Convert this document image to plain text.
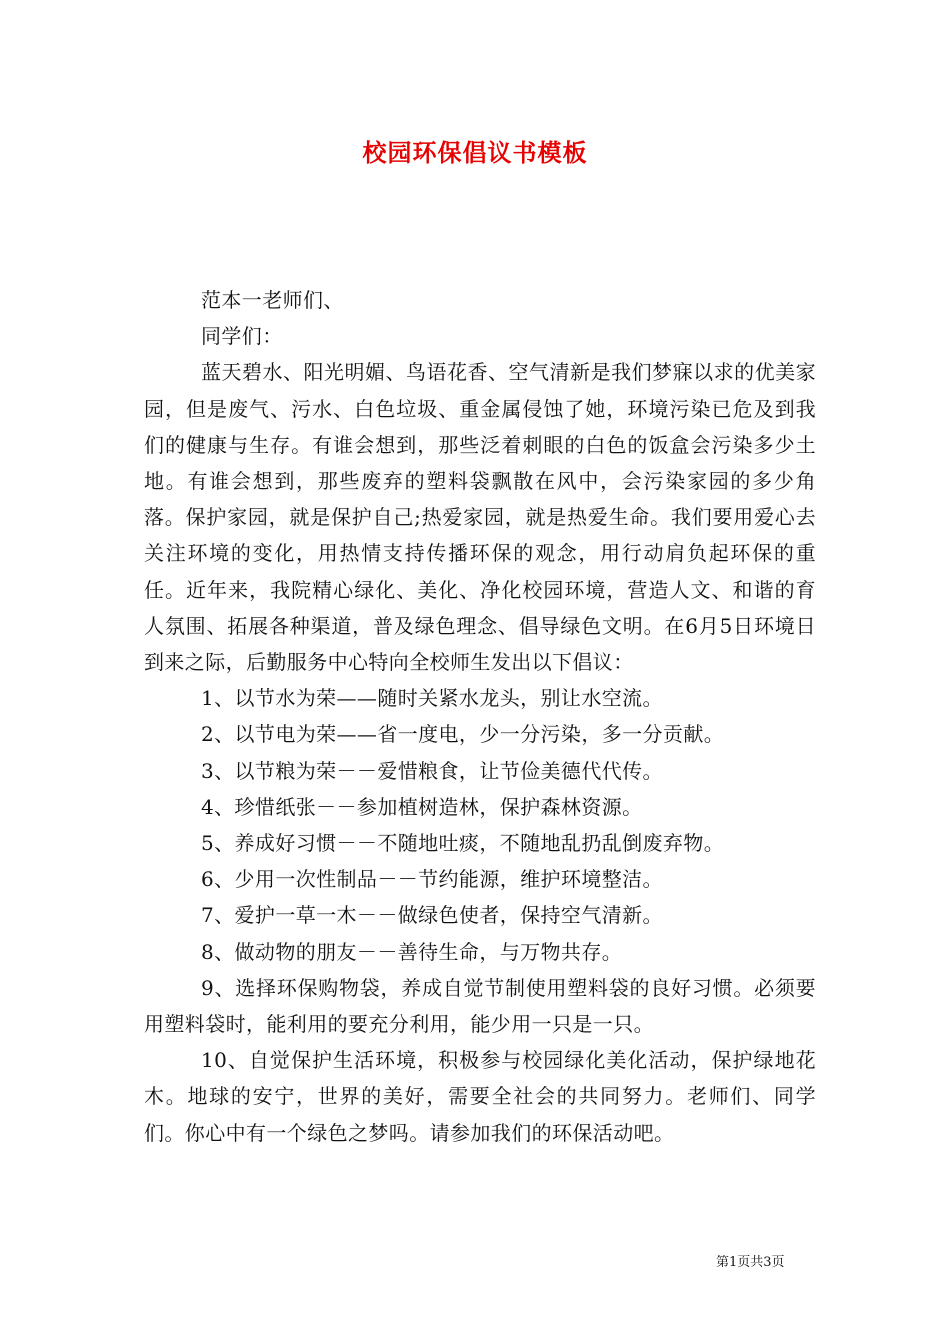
校园环保倡议书模板

范本一老师们、

同学们：

蓝天碧水、阳光明媚、鸟语花香、空气清新是我们梦寐以求的优美家园，但是废气、污水、白色垃圾、重金属侵蚀了她，环境污染已危及到我们的健康与生存。有谁会想到，那些泛着刺眼的白色的饭盒会污染多少土地。有谁会想到，那些废弃的塑料袋飘散在风中，会污染家园的多少角落。保护家园，就是保护自己;热爱家园，就是热爱生命。我们要用爱心去关注环境的变化，用热情支持传播环保的观念，用行动肩负起环保的重任。近年来，我院精心绿化、美化、净化校园环境，营造人文、和谐的育人氛围、拓展各种渠道，普及绿色理念、倡导绿色文明。在6月5日环境日到来之际，后勤服务中心特向全校师生发出以下倡议：

1、以节水为荣——随时关紧水龙头，别让水空流。

2、以节电为荣——省一度电，少一分污染，多一分贡献。

3、以节粮为荣－－爱惜粮食，让节俭美德代代传。

4、珍惜纸张－－参加植树造林，保护森林资源。

5、养成好习惯－－不随地吐痰，不随地乱扔乱倒废弃物。

6、少用一次性制品－－节约能源，维护环境整洁。

7、爱护一草一木－－做绿色使者，保持空气清新。

8、做动物的朋友－－善待生命，与万物共存。

9、选择环保购物袋，养成自觉节制使用塑料袋的良好习惯。必须要用塑料袋时，能利用的要充分利用，能少用一只是一只。

10、自觉保护生活环境，积极参与校园绿化美化活动，保护绿地花木。地球的安宁，世界的美好，需要全社会的共同努力。老师们、同学们。你心中有一个绿色之梦吗。请参加我们的环保活动吧。

第1页共3页
